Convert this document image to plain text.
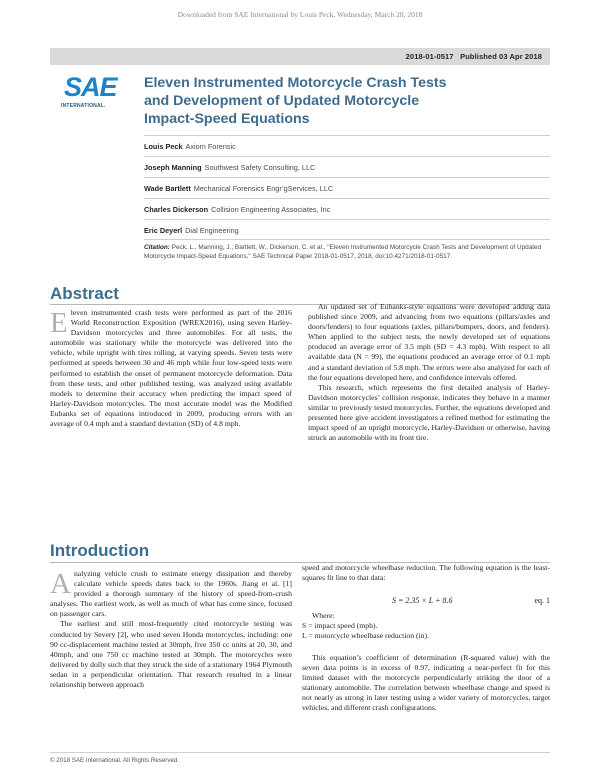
Downloaded from SAE International by Louis Peck, Wednesday, March 28, 2018
2018-01-0517 Published 03 Apr 2018
SAE
INTERNATIONAL.
Eleven Instrumented Motorcycle Crash Tests
and Development of Updated Motorcycle
Impact-Speed Equations
Louis Peck Axiom Forensic
Joseph Manning Southwest Safety Consulting, LLC
Wade Bartlett Mechanical Forensics Engr’gServices, LLC
Charles Dickerson Collision Engineering Associates, Inc
Eric Deyerl Dial Engineering
Citation: Peck, L., Manning, J., Bartlett, W., Dickerson, C. et al., "Eleven Instrumented Motorcycle Crash Tests and Development of Updated Motorcycle Impact-Speed Equations," SAE Technical Paper 2018-01-0517, 2018, doi:10.4271/2018-01-0517.
Abstract

Eleven instrumented crash tests were performed as part of the 2016 World Reconstruction Exposition (WREX2016), using seven Harley-Davidson motorcycles and three automobiles. For all tests, the automobile was stationary while the motorcycle was delivered into the vehicle, while upright with tires rolling, at varying speeds. Seven tests were performed at speeds between 30 and 46 mph while four low-speed tests were performed to establish the onset of permanent motorcycle deformation. Data from these tests, and other published testing, was analyzed using available models to determine their accuracy when predicting the impact speed of Harley-Davidson motorcycles. The most accurate model was the Modified Eubanks set of equations introduced in 2009, producing errors with an average of 0.4 mph and a standard deviation (SD) of 4.8 mph.

An updated set of Eubanks-style equations were developed adding data published since 2009, and advancing from two equations (pillars/axles and doors/fenders) to four equations (axles, pillars/bumpers, doors, and fenders). When applied to the subject tests, the newly developed set of equations produced an average error of 3.5 mph (SD = 4.3 mph). With respect to all available data (N = 99), the equations produced an average error of 0.1 mph and a standard deviation of 5.8 mph. The errors were also analyzed for each of the four equations developed here, and confidence intervals offered.

This research, which represents the first detailed analysis of Harley-Davidson motorcycles’ collision response, indicates they behave in a manner similar to previously tested motorcycles. Further, the equations developed and presented here give accident investigators a refined method for estimating the impact speed of an upright motorcycle, Harley-Davidson or otherwise, having struck an automobile with its front tire.

Introduction

Analyzing vehicle crush to estimate energy dissipation and thereby calculate vehicle speeds dates back to the 1960s. Jiang et al. [1] provided a thorough summary of the history of speed-from-crush analyses. The earliest work, as well as much of what has come since, focused on passenger cars.

The earliest and still most-frequently cited motorcycle testing was conducted by Severy [2], who used seven Honda motorcycles, including: one 90 cc-displacement machine tested at 30mph, five 350 cc units at 20, 30, and 40mph, and one 750 cc machine tested at 30mph. The motorcycles were delivered by dolly such that they struck the side of a stationary 1964 Plymouth sedan in a perpendicular orientation. That research resulted in a linear relationship between approach

speed and motorcycle wheelbase reduction. The following equation is the least-squares fit line to that data:

S = 2.35 × L + 8.6	eq. 1

Where:

S = impact speed (mph).

L = motorcycle wheelbase reduction (in).

This equation’s coefficient of determination (R-squared value) with the seven data points is in excess of 0.97, indicating a near-perfect fit for this limited dataset with the motorcycle perpendicularly striking the door of a stationary automobile. The correlation between wheelbase change and speed is not nearly as strong in later testing using a wider variety of motorcycles, target vehicles, and different crash configurations.

© 2018 SAE International. All Rights Reserved.
